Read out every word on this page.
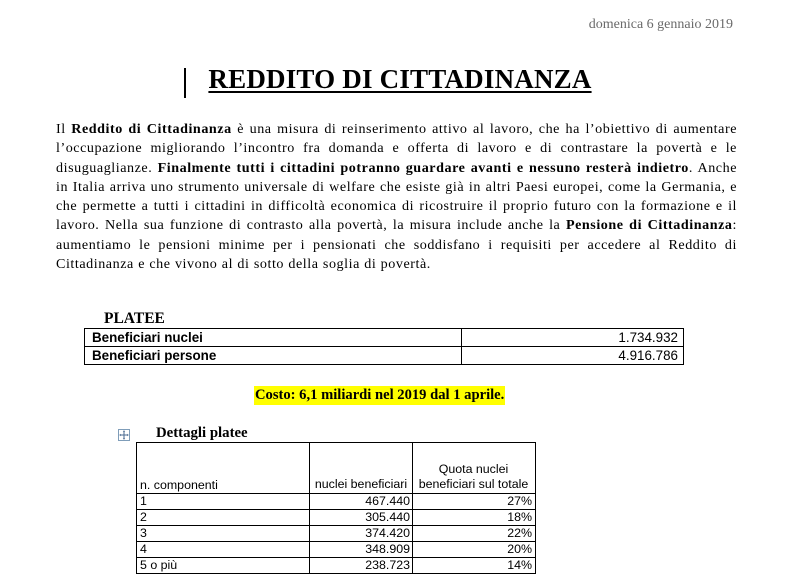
domenica 6 gennaio 2019
REDDITO DI CITTADINANZA
Il Reddito di Cittadinanza è una misura di reinserimento attivo al lavoro, che ha l’obiettivo di aumentare l’occupazione migliorando l’incontro fra domanda e offerta di lavoro e di contrastare la povertà e le disuguaglianze. Finalmente tutti i cittadini potranno guardare avanti e nessuno resterà indietro. Anche in Italia arriva uno strumento universale di welfare che esiste già in altri Paesi europei, come la Germania, e che permette a tutti i cittadini in difficoltà economica di ricostruire il proprio futuro con la formazione e il lavoro. Nella sua funzione di contrasto alla povertà, la misura include anche la Pensione di Cittadinanza: aumentiamo le pensioni minime per i pensionati che soddisfano i requisiti per accedere al Reddito di Cittadinanza e che vivono al di sotto della soglia di povertà.
PLATEE
Beneficiari nuclei	1.734.932
Beneficiari persone	4.916.786
Costo: 6,1 miliardi nel 2019 dal 1 aprile.
Dettagli platee
n. componenti	nuclei beneficiari	Quota nuclei beneficiari sul totale
1	467.440	27%
2	305.440	18%
3	374.420	22%
4	348.909	20%
5 o più	238.723	14%
